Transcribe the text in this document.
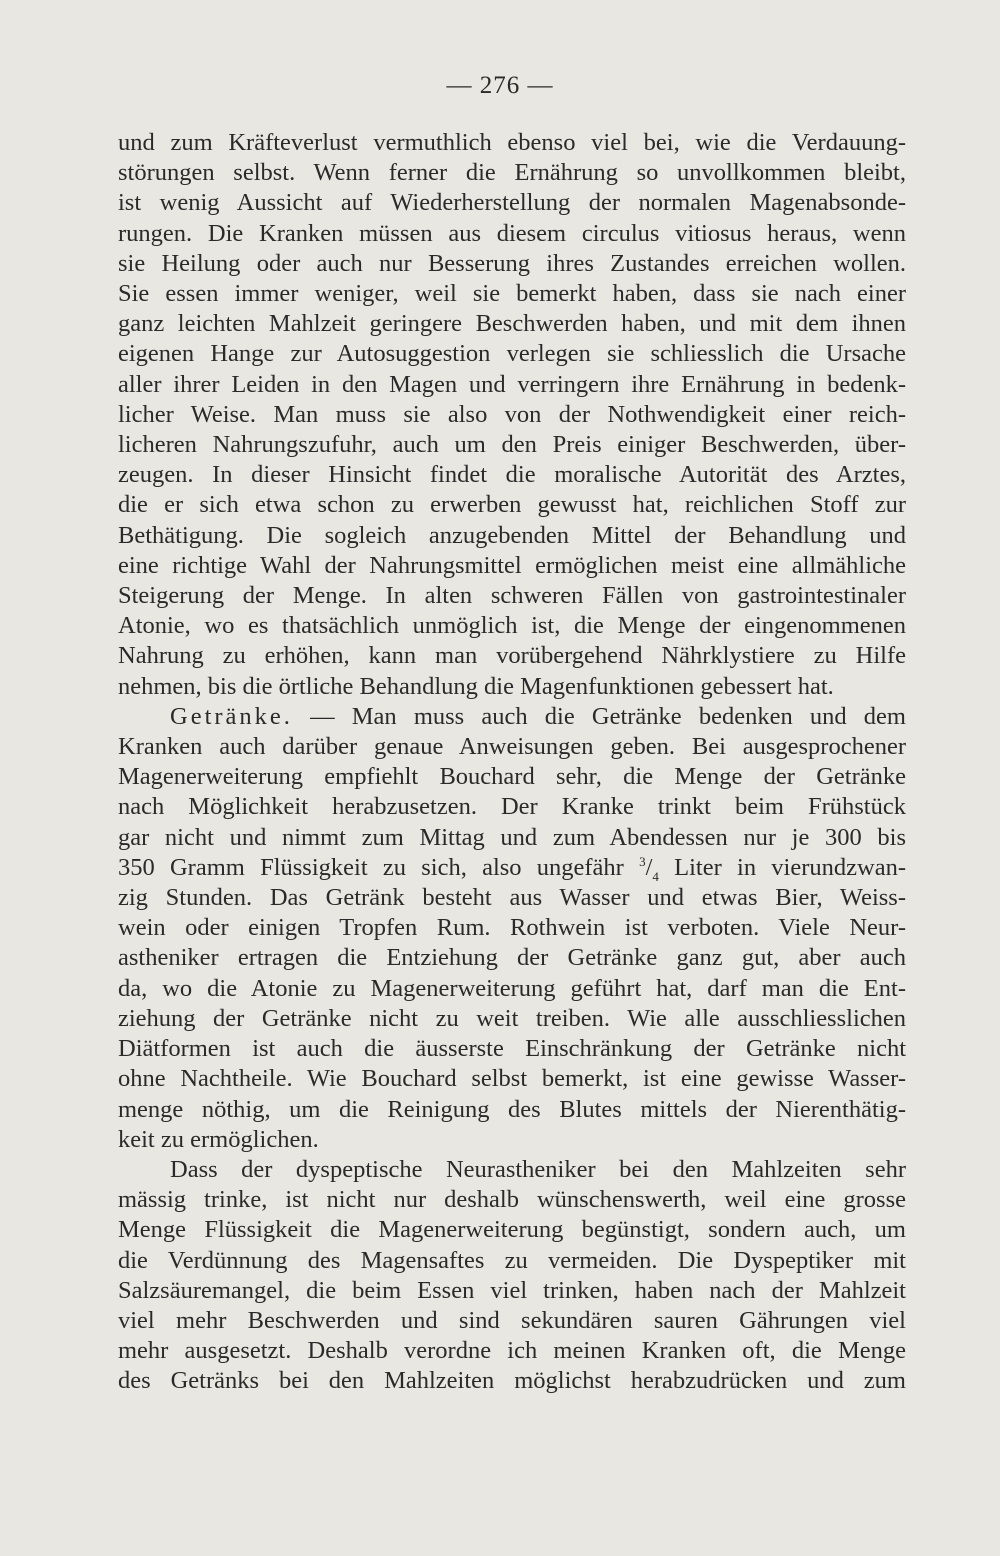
— 276 —
und zum Kräfteverlust vermuthlich ebenso viel bei, wie die Verdauung-
störungen selbst. Wenn ferner die Ernährung so unvollkommen bleibt,
ist wenig Aussicht auf Wiederherstellung der normalen Magenabsonde-
rungen. Die Kranken müssen aus diesem circulus vitiosus heraus, wenn
sie Heilung oder auch nur Besserung ihres Zustandes erreichen wollen.
Sie essen immer weniger, weil sie bemerkt haben, dass sie nach einer
ganz leichten Mahlzeit geringere Beschwerden haben, und mit dem ihnen
eigenen Hange zur Autosuggestion verlegen sie schliesslich die Ursache
aller ihrer Leiden in den Magen und verringern ihre Ernährung in bedenk-
licher Weise. Man muss sie also von der Nothwendigkeit einer reich-
licheren Nahrungszufuhr, auch um den Preis einiger Beschwerden, über-
zeugen. In dieser Hinsicht findet die moralische Autorität des Arztes,
die er sich etwa schon zu erwerben gewusst hat, reichlichen Stoff zur
Bethätigung. Die sogleich anzugebenden Mittel der Behandlung und
eine richtige Wahl der Nahrungsmittel ermöglichen meist eine allmähliche
Steigerung der Menge. In alten schweren Fällen von gastrointestinaler
Atonie, wo es thatsächlich unmöglich ist, die Menge der eingenommenen
Nahrung zu erhöhen, kann man vorübergehend Nährklystiere zu Hilfe
nehmen, bis die örtliche Behandlung die Magenfunktionen gebessert hat.
Getränke. — Man muss auch die Getränke bedenken und dem
Kranken auch darüber genaue Anweisungen geben. Bei ausgesprochener
Magenerweiterung empfiehlt Bouchard sehr, die Menge der Getränke
nach Möglichkeit herabzusetzen. Der Kranke trinkt beim Frühstück
gar nicht und nimmt zum Mittag und zum Abendessen nur je 300 bis
350 Gramm Flüssigkeit zu sich, also ungefähr $^3/_4$ Liter in vierundzwan-
zig Stunden. Das Getränk besteht aus Wasser und etwas Bier, Weiss-
wein oder einigen Tropfen Rum. Rothwein ist verboten. Viele Neur-
astheniker ertragen die Entziehung der Getränke ganz gut, aber auch
da, wo die Atonie zu Magenerweiterung geführt hat, darf man die Ent-
ziehung der Getränke nicht zu weit treiben. Wie alle ausschliesslichen
Diätformen ist auch die äusserste Einschränkung der Getränke nicht
ohne Nachtheile. Wie Bouchard selbst bemerkt, ist eine gewisse Wasser-
menge nöthig, um die Reinigung des Blutes mittels der Nierenthätig-
keit zu ermöglichen.
Dass der dyspeptische Neurastheniker bei den Mahlzeiten sehr
mässig trinke, ist nicht nur deshalb wünschenswerth, weil eine grosse
Menge Flüssigkeit die Magenerweiterung begünstigt, sondern auch, um
die Verdünnung des Magensaftes zu vermeiden. Die Dyspeptiker mit
Salzsäuremangel, die beim Essen viel trinken, haben nach der Mahlzeit
viel mehr Beschwerden und sind sekundären sauren Gährungen viel
mehr ausgesetzt. Deshalb verordne ich meinen Kranken oft, die Menge
des Getränks bei den Mahlzeiten möglichst herabzudrücken und zum
